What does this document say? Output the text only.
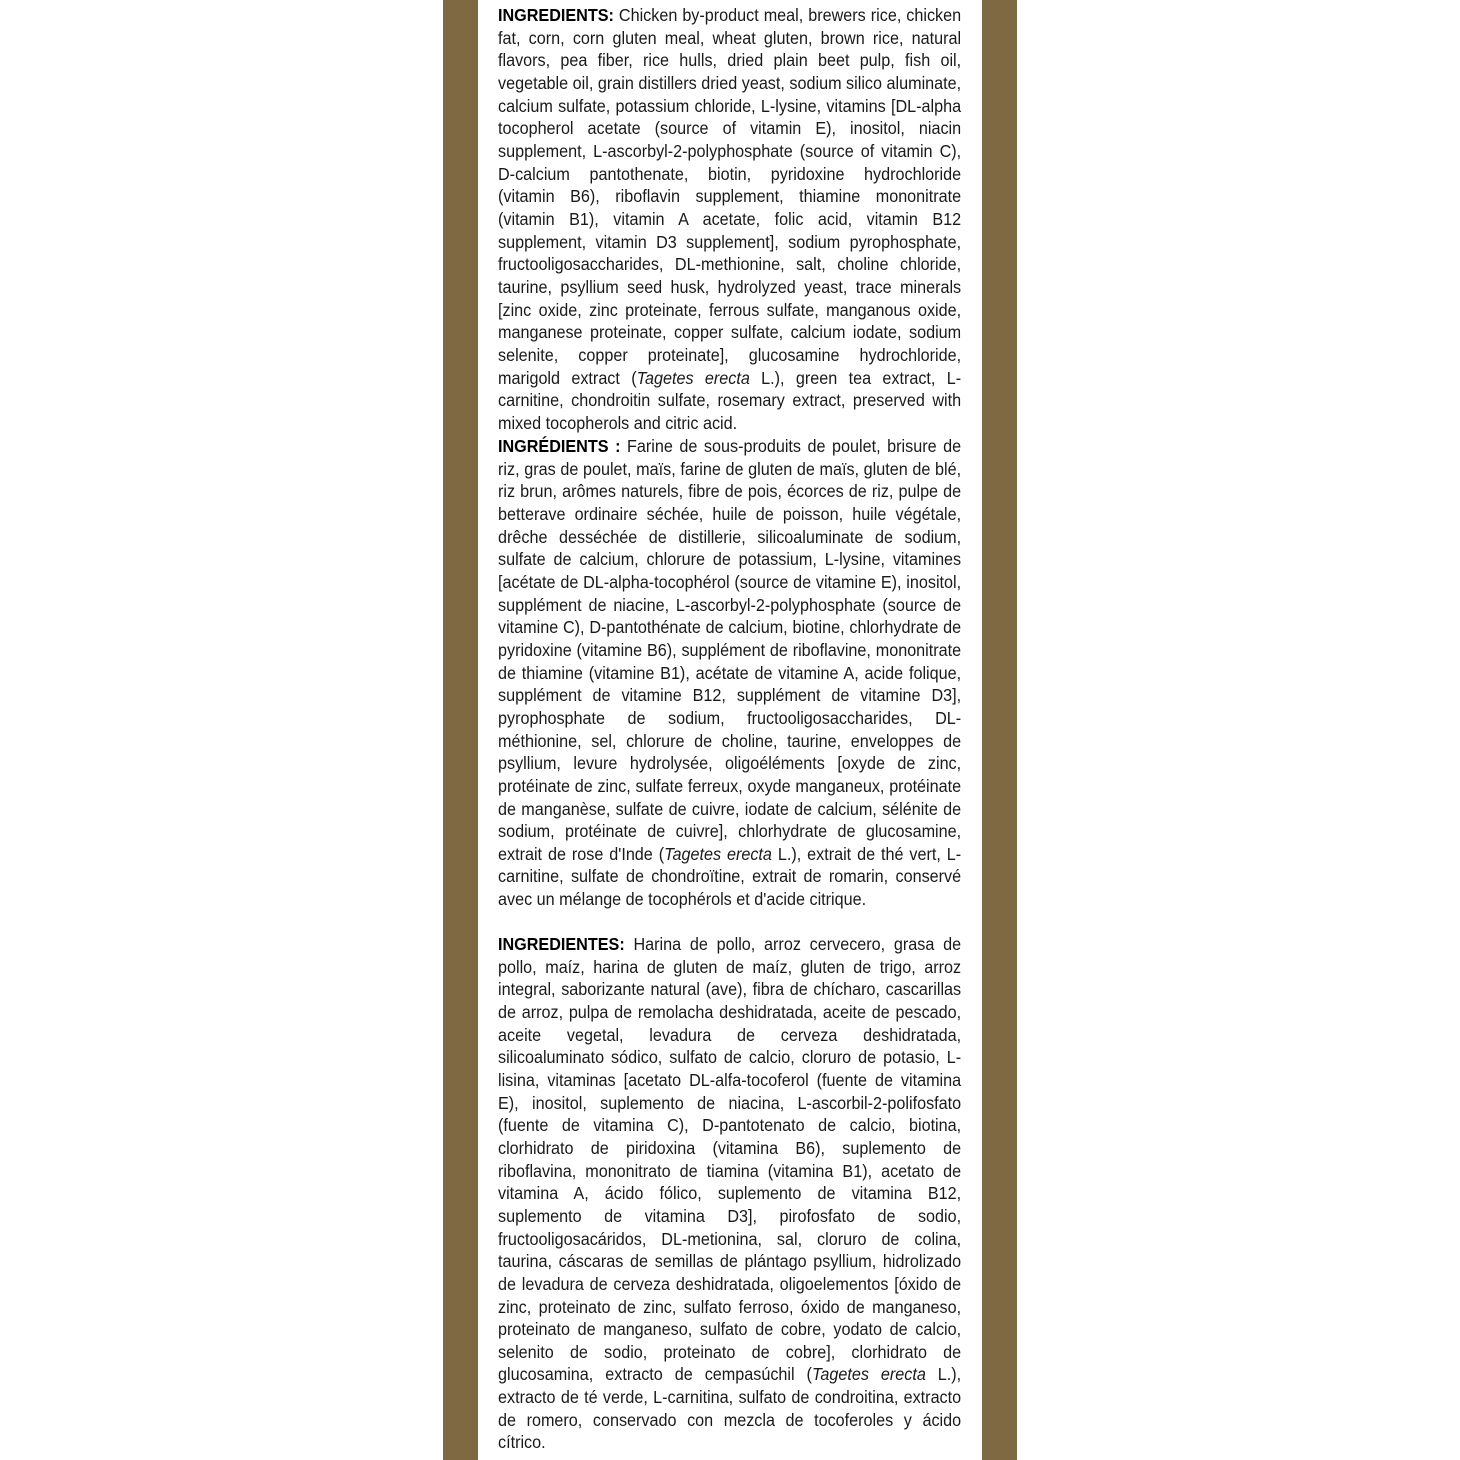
INGREDIENTS: Chicken by-product meal, brewers rice, chicken fat, corn, corn gluten meal, wheat gluten, brown rice, natural flavors, pea fiber, rice hulls, dried plain beet pulp, fish oil, vegetable oil, grain distillers dried yeast, sodium silico aluminate, calcium sulfate, potassium chloride, L-lysine, vitamins [DL-alpha tocopherol acetate (source of vitamin E), inositol, niacin supplement, L-ascorbyl-2-polyphosphate (source of vitamin C), D-calcium pantothenate, biotin, pyridoxine hydrochloride (vitamin B6), riboflavin supplement, thiamine mononitrate (vitamin B1), vitamin A acetate, folic acid, vitamin B12 supplement, vitamin D3 supplement], sodium pyrophosphate, fructooligosaccharides, DL-methionine, salt, choline chloride, taurine, psyllium seed husk, hydrolyzed yeast, trace minerals [zinc oxide, zinc proteinate, ferrous sulfate, manganous oxide, manganese proteinate, copper sulfate, calcium iodate, sodium selenite, copper proteinate], glucosamine hydrochloride, marigold extract (Tagetes erecta L.), green tea extract, L-carnitine, chondroitin sulfate, rosemary extract, preserved with mixed tocopherols and citric acid.
INGRÉDIENTS : Farine de sous-produits de poulet, brisure de riz, gras de poulet, maïs, farine de gluten de maïs, gluten de blé, riz brun, arômes naturels, fibre de pois, écorces de riz, pulpe de betterave ordinaire séchée, huile de poisson, huile végétale, drêche desséchée de distillerie, silicoaluminate de sodium, sulfate de calcium, chlorure de potassium, L-lysine, vitamines [acétate de DL-alpha-tocophérol (source de vitamine E), inositol, supplément de niacine, L-ascorbyl-2-polyphosphate (source de vitamine C), D-pantothénate de calcium, biotine, chlorhydrate de pyridoxine (vitamine B6), supplément de riboflavine, mononitrate de thiamine (vitamine B1), acétate de vitamine A, acide folique, supplément de vitamine B12, supplément de vitamine D3], pyrophosphate de sodium, fructooligosaccharides, DL-méthionine, sel, chlorure de choline, taurine, enveloppes de psyllium, levure hydrolysée, oligoéléments [oxyde de zinc, protéinate de zinc, sulfate ferreux, oxyde manganeux, protéinate de manganèse, sulfate de cuivre, iodate de calcium, sélénite de sodium, protéinate de cuivre], chlorhydrate de glucosamine, extrait de rose d'Inde (Tagetes erecta L.), extrait de thé vert, L-carnitine, sulfate de chondroïtine, extrait de romarin, conservé avec un mélange de tocophérols et d'acide citrique.
INGREDIENTES: Harina de pollo, arroz cervecero, grasa de pollo, maíz, harina de gluten de maíz, gluten de trigo, arroz integral, saborizante natural (ave), fibra de chícharo, cascarillas de arroz, pulpa de remolacha deshidratada, aceite de pescado, aceite vegetal, levadura de cerveza deshidratada, silicoaluminato sódico, sulfato de calcio, cloruro de potasio, L-lisina, vitaminas [acetato DL-alfa-tocoferol (fuente de vitamina E), inositol, suplemento de niacina, L-ascorbil-2-polifosfato (fuente de vitamina C), D-pantotenato de calcio, biotina, clorhidrato de piridoxina (vitamina B6), suplemento de riboflavina, mononitrato de tiamina (vitamina B1), acetato de vitamina A, ácido fólico, suplemento de vitamina B12, suplemento de vitamina D3], pirofosfato de sodio, fructooligosacáridos, DL-metionina, sal, cloruro de colina, taurina, cáscaras de semillas de plántago psyllium, hidrolizado de levadura de cerveza deshidratada, oligoelementos [óxido de zinc, proteinato de zinc, sulfato ferroso, óxido de manganeso, proteinato de manganeso, sulfato de cobre, yodato de calcio, selenito de sodio, proteinato de cobre], clorhidrato de glucosamina, extracto de cempasúchil (Tagetes erecta L.), extracto de té verde, L-carnitina, sulfato de condroitina, extracto de romero, conservado con mezcla de tocoferoles y ácido cítrico.
